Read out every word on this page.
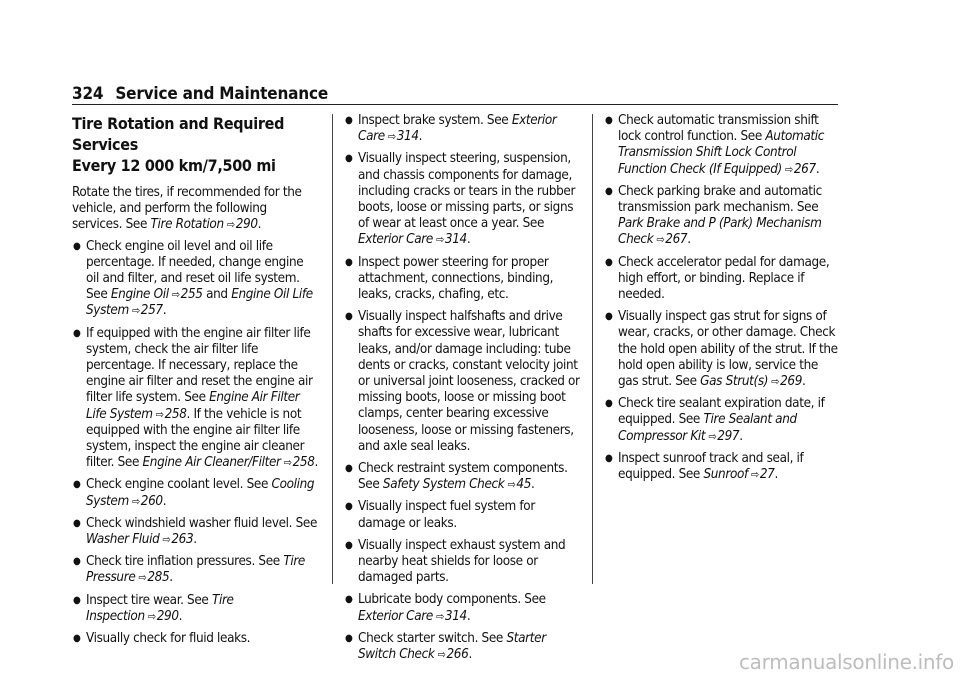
324 Service and Maintenance
Tire Rotation and Required Services
Every 12 000 km/7,500 mi

Rotate the tires, if recommended for the vehicle, and perform the following services. See Tire Rotation ⇨290.

● Check engine oil level and oil life percentage. If needed, change engine oil and filter, and reset oil life system. See Engine Oil ⇨255 and Engine Oil Life System ⇨257.
● If equipped with the engine air filter life system, check the air filter life percentage. If necessary, replace the engine air filter and reset the engine air filter life system. See Engine Air Filter Life System ⇨258. If the vehicle is not equipped with the engine air filter life system, inspect the engine air cleaner filter. See Engine Air Cleaner/Filter ⇨258.
● Check engine coolant level. See Cooling System ⇨260.
● Check windshield washer fluid level. See Washer Fluid ⇨263.
● Check tire inflation pressures. See Tire Pressure ⇨285.
● Inspect tire wear. See Tire Inspection ⇨290.
● Visually check for fluid leaks.
● Inspect brake system. See Exterior Care ⇨314.
● Visually inspect steering, suspension, and chassis components for damage, including cracks or tears in the rubber boots, loose or missing parts, or signs of wear at least once a year. See Exterior Care ⇨314.
● Inspect power steering for proper attachment, connections, binding, leaks, cracks, chafing, etc.
● Visually inspect halfshafts and drive shafts for excessive wear, lubricant leaks, and/or damage including: tube dents or cracks, constant velocity joint or universal joint looseness, cracked or missing boots, loose or missing boot clamps, center bearing excessive looseness, loose or missing fasteners, and axle seal leaks.
● Check restraint system components. See Safety System Check ⇨45.
● Visually inspect fuel system for damage or leaks.
● Visually inspect exhaust system and nearby heat shields for loose or damaged parts.
● Lubricate body components. See Exterior Care ⇨314.
● Check starter switch. See Starter Switch Check ⇨266.
● Check automatic transmission shift lock control function. See Automatic Transmission Shift Lock Control Function Check (If Equipped) ⇨267.
● Check parking brake and automatic transmission park mechanism. See Park Brake and P (Park) Mechanism Check ⇨267.
● Check accelerator pedal for damage, high effort, or binding. Replace if needed.
● Visually inspect gas strut for signs of wear, cracks, or other damage. Check the hold open ability of the strut. If the hold open ability is low, service the gas strut. See Gas Strut(s) ⇨269.
● Check tire sealant expiration date, if equipped. See Tire Sealant and Compressor Kit ⇨297.
● Inspect sunroof track and seal, if equipped. See Sunroof ⇨27.
carmanualsonline.info
